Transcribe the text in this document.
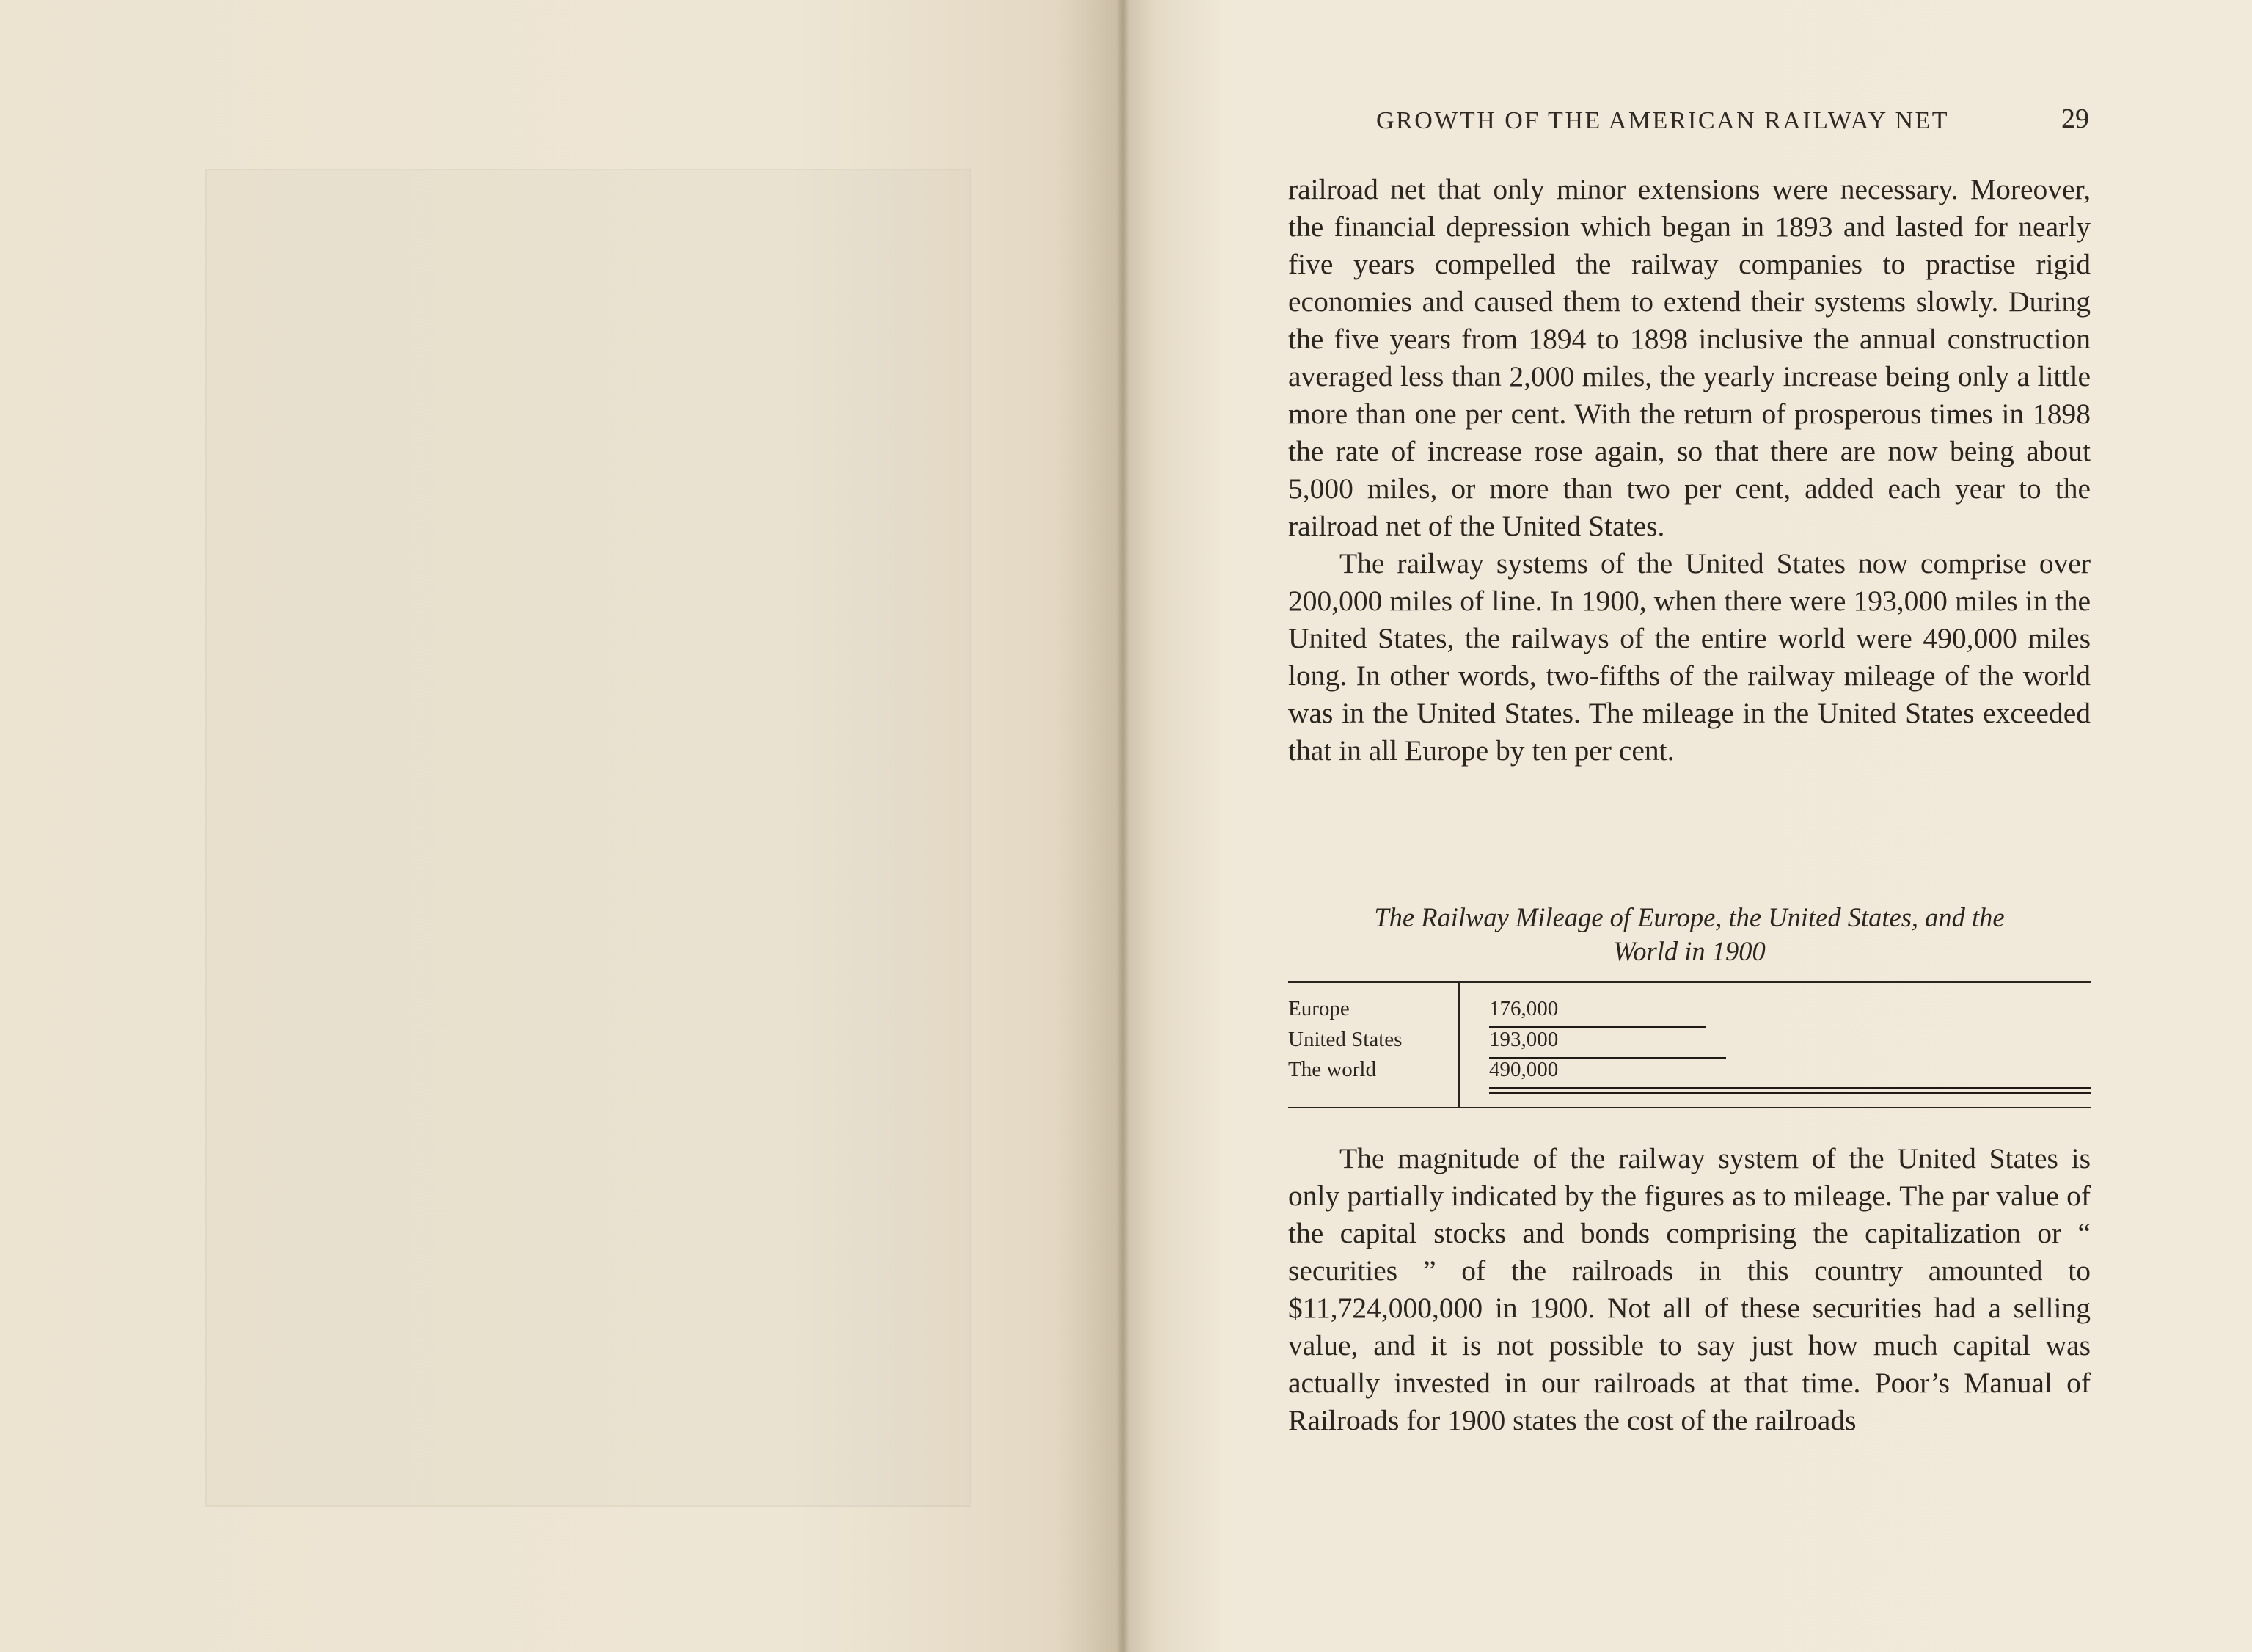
GROWTH OF THE AMERICAN RAILWAY NET	29

railroad net that only minor extensions were necessary. Moreover, the financial depression which began in 1893 and lasted for nearly five years compelled the railway companies to practise rigid economies and caused them to extend their systems slowly. During the five years from 1894 to 1898 inclusive the annual construction averaged less than 2,000 miles, the yearly increase being only a little more than one per cent. With the return of prosperous times in 1898 the rate of increase rose again, so that there are now being about 5,000 miles, or more than two per cent, added each year to the railroad net of the United States.

The railway systems of the United States now comprise over 200,000 miles of line. In 1900, when there were 193,000 miles in the United States, the railways of the entire world were 490,000 miles long. In other words, two-fifths of the railway mileage of the world was in the United States. The mileage in the United States exceeded that in all Europe by ten per cent.

The Railway Mileage of Europe, the United States, and the
World in 1900

Europe	176,000
United States	193,000
The world	490,000

The magnitude of the railway system of the United States is only partially indicated by the figures as to mileage. The par value of the capital stocks and bonds comprising the capitalization or “ securities ” of the railroads in this country amounted to $11,724,000,000 in 1900. Not all of these securities had a selling value, and it is not possible to say just how much capital was actually invested in our railroads at that time. Poor’s Manual of Railroads for 1900 states the cost of the railroads
